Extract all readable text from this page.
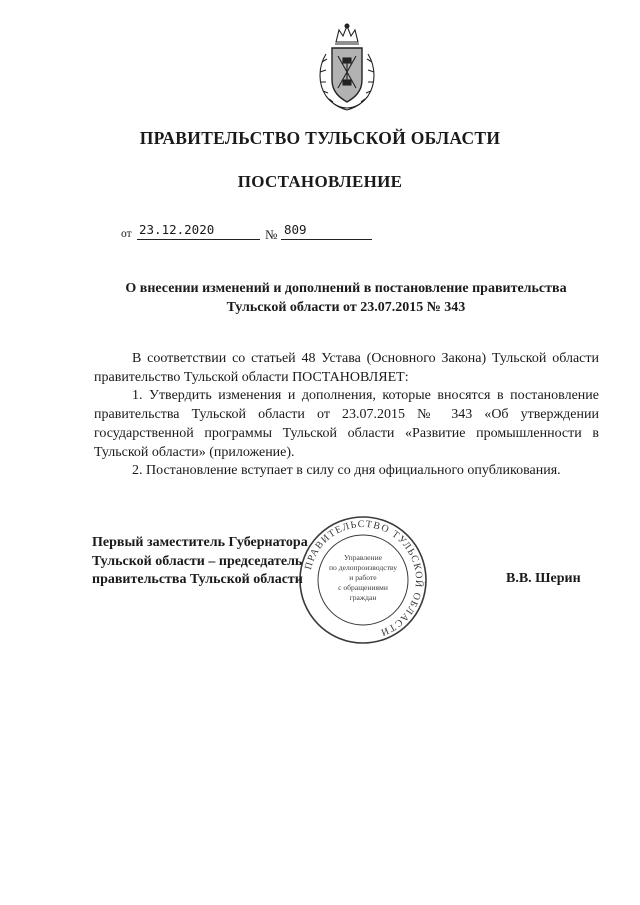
ПРАВИТЕЛЬСТВО ТУЛЬСКОЙ ОБЛАСТИ
ПОСТАНОВЛЕНИЕ
от 23.12.2020	№ 809
О внесении изменений и дополнений в постановление правительства
Тульской области от 23.07.2015 № 343

В соответствии со статьей 48 Устава (Основного Закона) Тульской области правительство Тульской области ПОСТАНОВЛЯЕТ:

1. Утвердить изменения и дополнения, которые вносятся в постановление правительства Тульской области от 23.07.2015 № 343 «Об утверждении государственной программы Тульской области «Развитие промышленности в Тульской области» (приложение).

2. Постановление вступает в силу со дня официального опубликования.

ПРАВИТЕЛЬСТВО ТУЛЬСКОЙ ОБЛАСТИ
Управление
по делопроизводству
и работе
с обращениями
граждан
Первый заместитель Губернатора
Тульской области – председатель
правительства Тульской области	В.В. Шерин
